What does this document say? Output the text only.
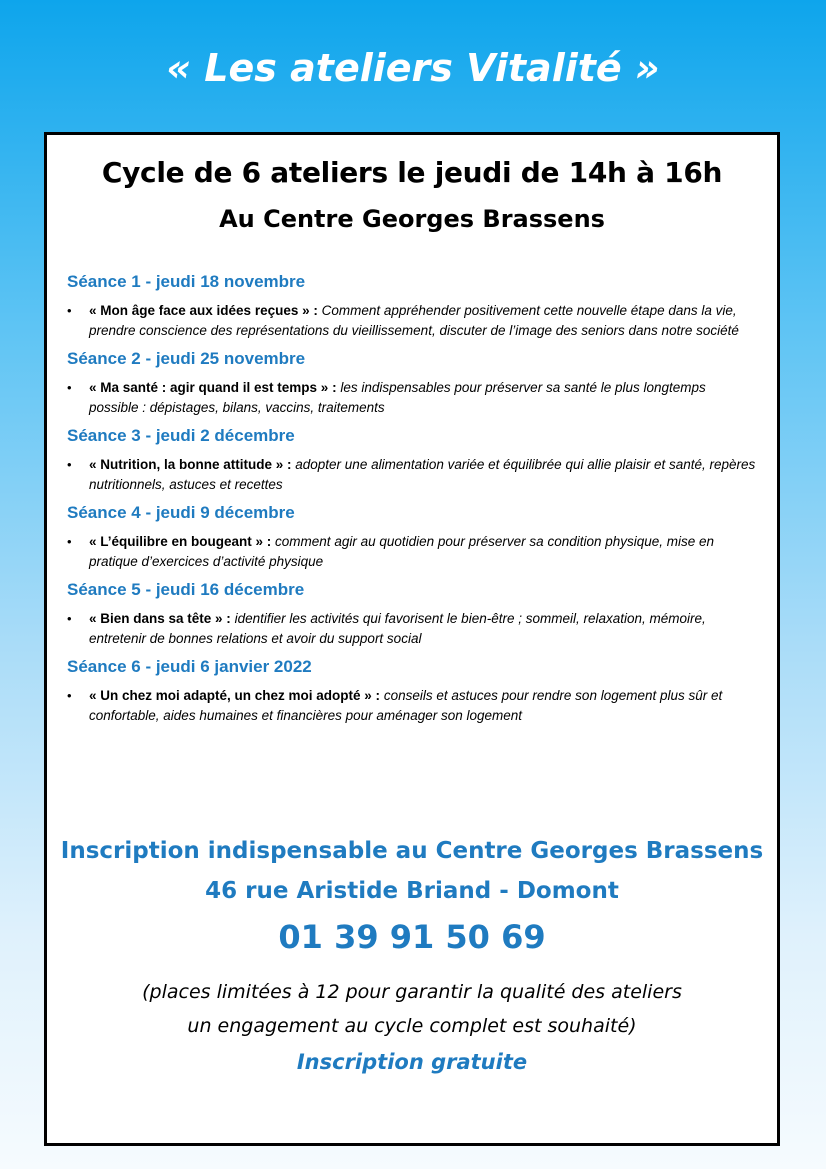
« Les ateliers Vitalité »
Cycle de 6 ateliers le jeudi de 14h à 16h
Au Centre Georges Brassens
Séance 1 - jeudi 18 novembre
• « Mon âge face aux idées reçues » : Comment appréhender positivement cette nouvelle étape dans la vie, prendre conscience des représentations du vieillissement, discuter de l’image des seniors dans notre société
Séance 2 - jeudi 25 novembre
• « Ma santé : agir quand il est temps » : les indispensables pour préserver sa santé le plus longtemps possible : dépistages, bilans, vaccins, traitements
Séance 3 - jeudi 2 décembre
• « Nutrition, la bonne attitude » : adopter une alimentation variée et équilibrée qui allie plaisir et santé, repères nutritionnels, astuces et recettes
Séance 4 - jeudi 9 décembre
• « L’équilibre en bougeant » : comment agir au quotidien pour préserver sa condition physique, mise en pratique d’exercices d’activité physique
Séance 5 - jeudi 16 décembre
• « Bien dans sa tête » : identifier les activités qui favorisent le bien-être ; sommeil, relaxation, mémoire, entretenir de bonnes relations et avoir du support social
Séance 6 - jeudi 6 janvier 2022
• « Un chez moi adapté, un chez moi adopté » : conseils et astuces pour rendre son logement plus sûr et confortable, aides humaines et financières pour aménager son logement
Inscription indispensable au Centre Georges Brassens
46 rue Aristide Briand - Domont
01 39 91 50 69
(places limitées à 12 pour garantir la qualité des ateliers
un engagement au cycle complet est souhaité)
Inscription gratuite
